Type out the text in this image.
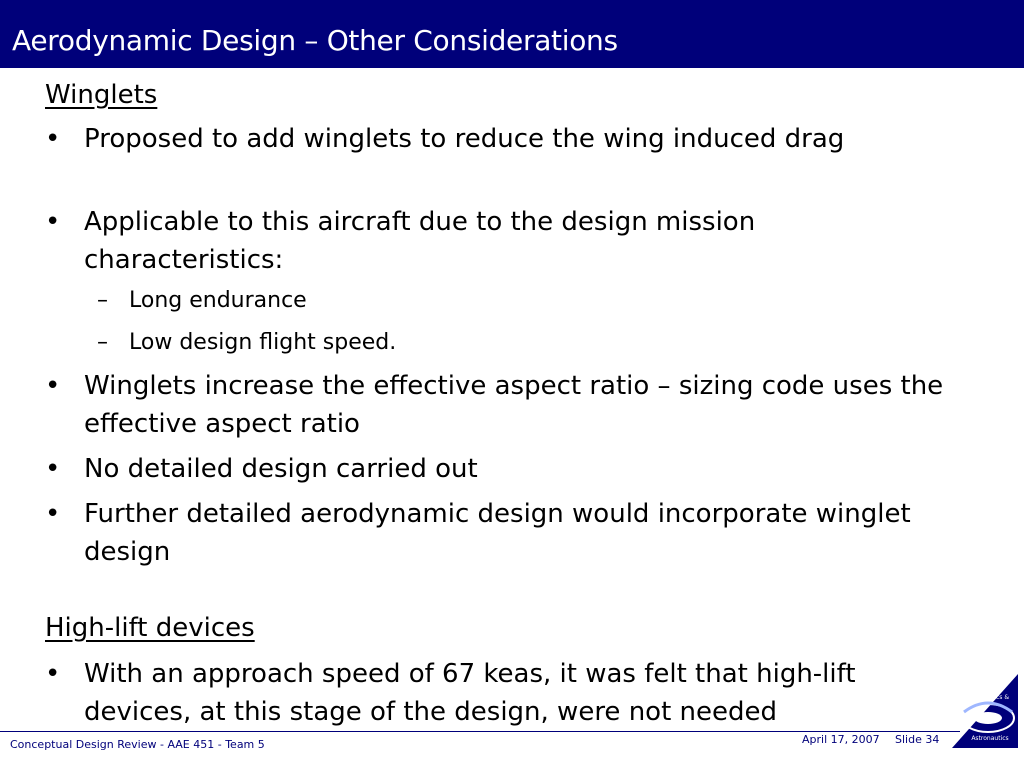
Aerodynamic Design – Other Considerations
Winglets
• Proposed to add winglets to reduce the wing induced drag
• Applicable to this aircraft due to the design mission characteristics:
– Long endurance
– Low design flight speed.
• Winglets increase the effective aspect ratio – sizing code uses the effective aspect ratio
• No detailed design carried out
• Further detailed aerodynamic design would incorporate winglet design
High-lift devices
• With an approach speed of 67 keas, it was felt that high-lift devices, at this stage of the design, were not needed	Aeronautics &
Astronautics
Conceptual Design Review - AAE 451 - Team 5	April 17, 2007 Slide 34
